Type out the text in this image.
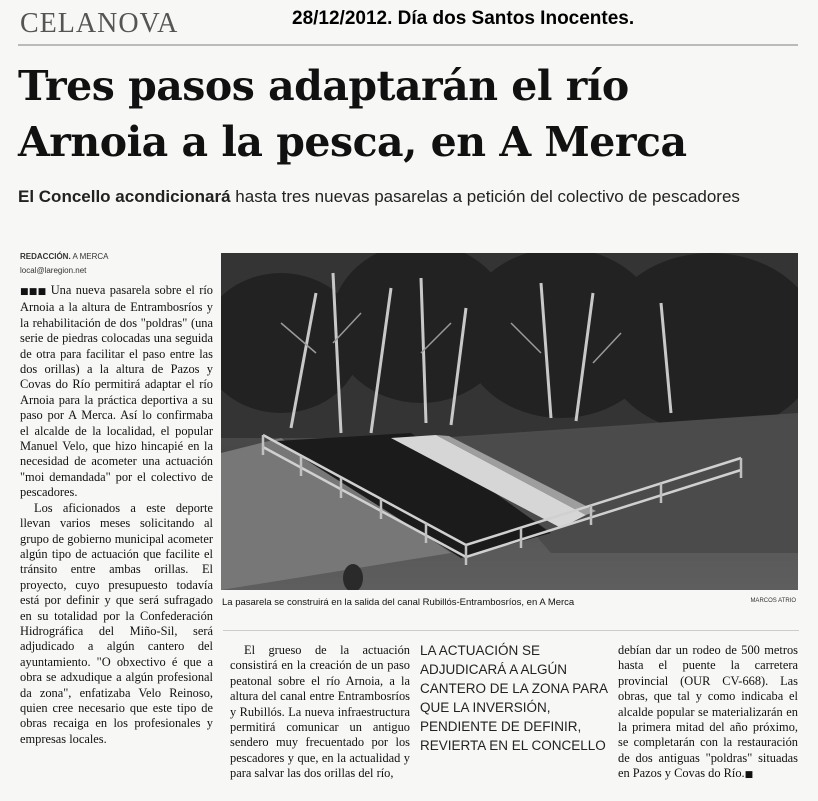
CELANOVA	28/12/2012. Día dos Santos Inocentes.
Tres pasos adaptarán el río
Arnoia a la pesca, en A Merca
El Concello acondicionará hasta tres nuevas pasarelas a petición del colectivo de pescadores
REDACCIÓN. A MERCA
local@laregion.net

■■■ Una nueva pasarela sobre el río Arnoia a la altura de Entrambosríos y la rehabilitación de dos "poldras" (una serie de piedras colocadas una seguida de otra para facilitar el paso entre las dos orillas) a la altura de Pazos y Covas do Río permitirá adaptar el río Arnoia para la práctica deportiva a su paso por A Merca. Así lo confirmaba el alcalde de la localidad, el popular Manuel Velo, que hizo hincapié en la necesidad de acometer una actuación "moi demandada" por el colectivo de pescadores.

Los aficionados a este deporte llevan varios meses solicitando al grupo de gobierno municipal acometer algún tipo de actuación que facilite el tránsito entre ambas orillas. El proyecto, cuyo presupuesto todavía está por definir y que será sufragado en su totalidad por la Confederación Hidrográfica del Miño-Sil, será adjudicado a algún cantero del ayuntamiento. "O obxectivo é que a obra se adxudique a algún profesional da zona", enfatizaba Velo Reinoso, quien cree necesario que este tipo de obras recaiga en los profesionales y empresas locales.

La pasarela se construirá en la salida del canal Rubillós-Entrambosríos, en A Merca	MARCOS ATRIO

El grueso de la actuación consistirá en la creación de un paso peatonal sobre el río Arnoia, a la altura del canal entre Entrambosríos y Rubillós. La nueva infraestructura permitirá comunicar un antiguo sendero muy frecuentado por los pescadores y que, en la actualidad y para salvar las dos orillas del río,

LA ACTUACIÓN SE ADJUDICARÁ A ALGÚN CANTERO DE LA ZONA PARA QUE LA INVERSIÓN, PENDIENTE DE DEFINIR, REVIERTA EN EL CONCELLO

debían dar un rodeo de 500 metros hasta el puente la carretera provincial (OUR CV-668). Las obras, que tal y como indicaba el alcalde popular se materializarán en la primera mitad del año próximo, se completarán con la restauración de dos antiguas "poldras" situadas en Pazos y Covas do Río.■
